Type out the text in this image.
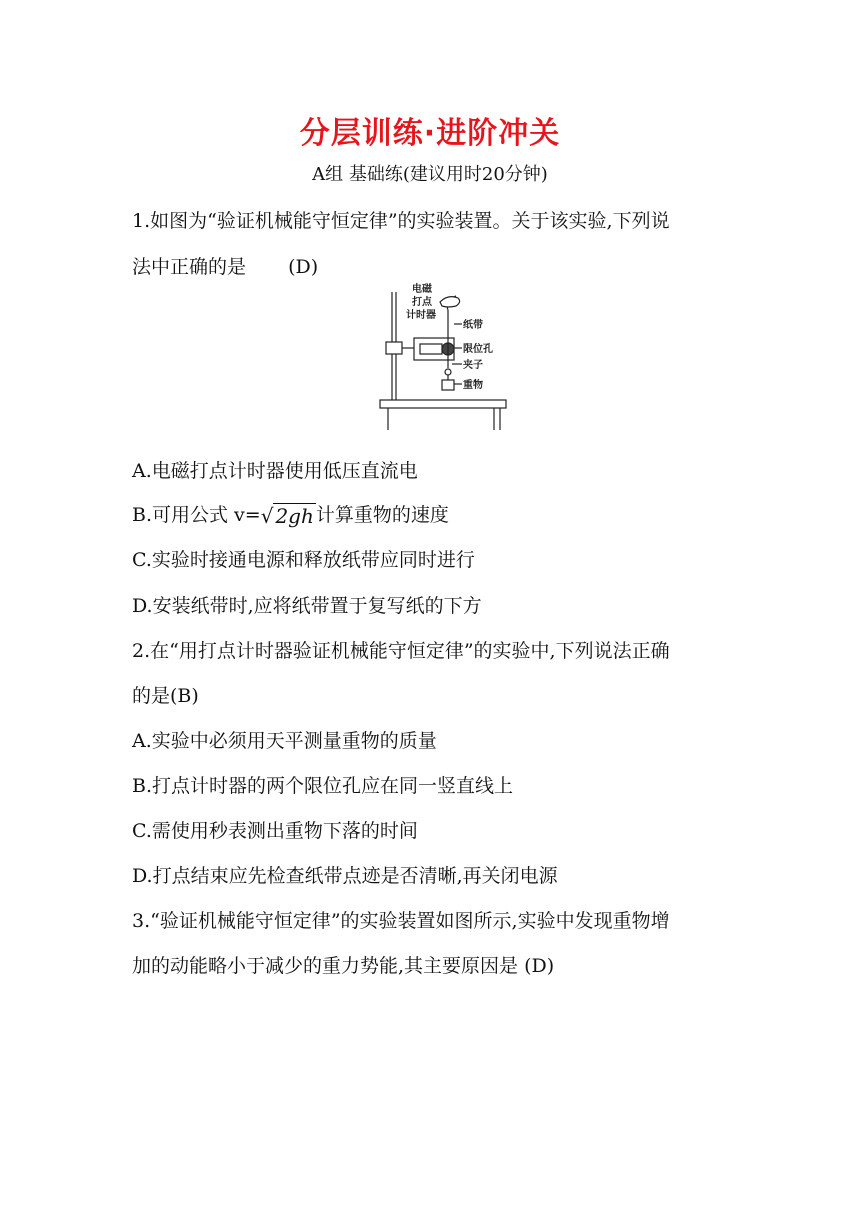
分层训练·进阶冲关
A组 基础练(建议用时20分钟)
1.如图为“验证机械能守恒定律”的实验装置。关于该实验,下列说
法中正确的是 (D)
电磁
打点
计时器
纸带
限位孔
夹子
重物
A.电磁打点计时器使用低压直流电
B.可用公式 v=√ 2gh 计算重物的速度
C.实验时接通电源和释放纸带应同时进行
D.安装纸带时,应将纸带置于复写纸的下方
2.在“用打点计时器验证机械能守恒定律”的实验中,下列说法正确
的是(B)
A.实验中必须用天平测量重物的质量
B.打点计时器的两个限位孔应在同一竖直线上
C.需使用秒表测出重物下落的时间
D.打点结束应先检查纸带点迹是否清晰,再关闭电源
3.“验证机械能守恒定律”的实验装置如图所示,实验中发现重物增
加的动能略小于减少的重力势能,其主要原因是 (D)
